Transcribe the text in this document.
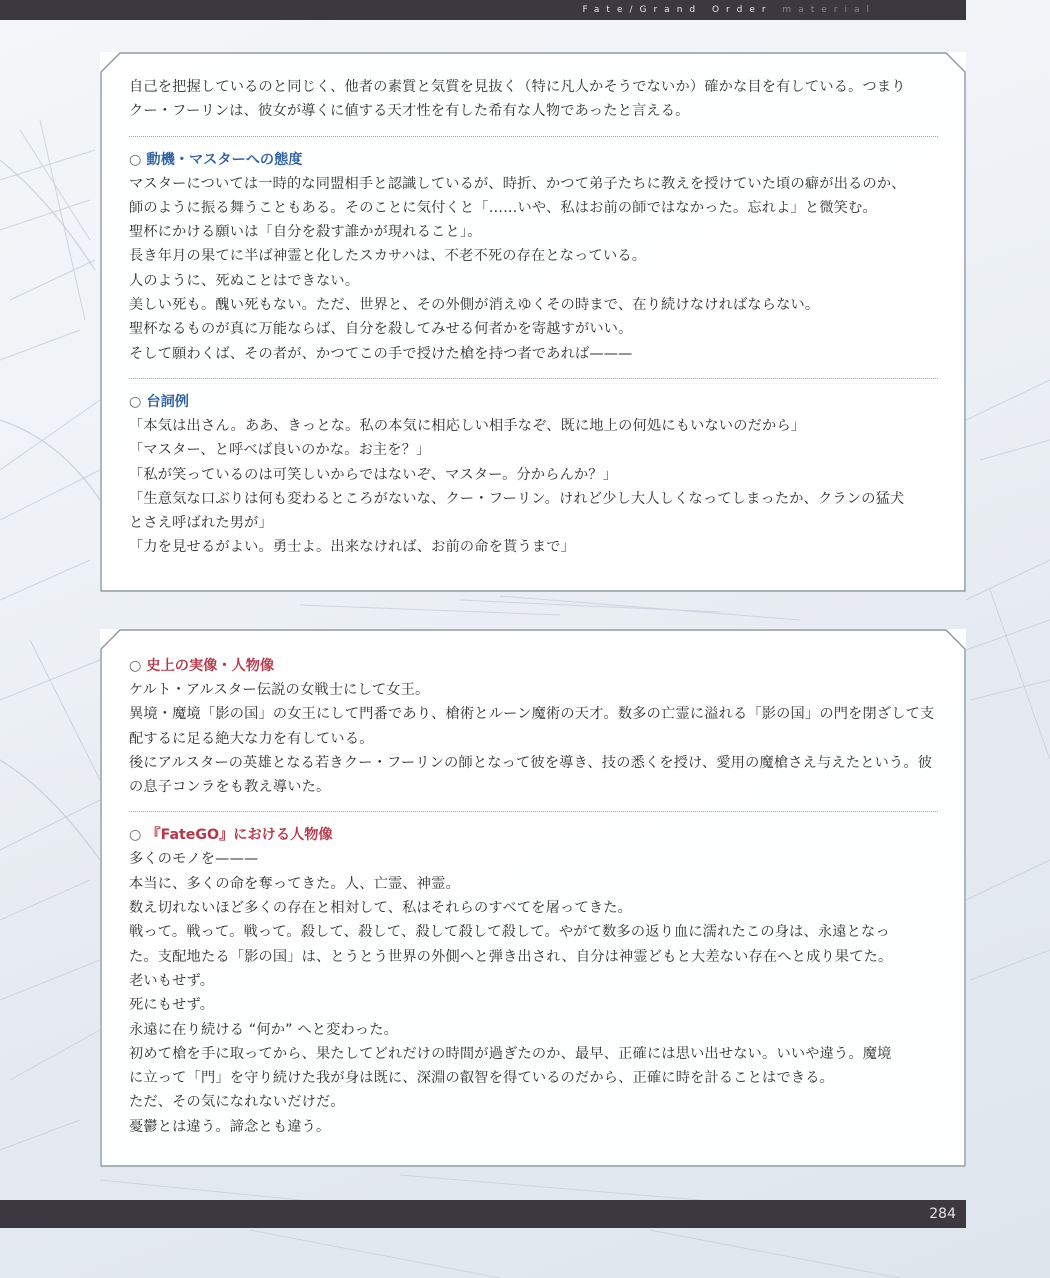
Fate/Grand Order material
自己を把握しているのと同じく、他者の素質と気質を見抜く（特に凡人かそうでないか）確かな目を有している。つまり
クー・フーリンは、彼女が導くに値する天才性を有した希有な人物であったと言える。
○ 動機・マスターへの態度
マスターについては一時的な同盟相手と認識しているが、時折、かつて弟子たちに教えを授けていた頃の癖が出るのか、
師のように振る舞うこともある。そのことに気付くと「……いや、私はお前の師ではなかった。忘れよ」と微笑む。
聖杯にかける願いは「自分を殺す誰かが現れること」。
長き年月の果てに半ば神霊と化したスカサハは、不老不死の存在となっている。
人のように、死ぬことはできない。
美しい死も。醜い死もない。ただ、世界と、その外側が消えゆくその時まで、在り続けなければならない。
聖杯なるものが真に万能ならば、自分を殺してみせる何者かを寄越すがいい。
そして願わくば、その者が、かつてこの手で授けた槍を持つ者であれば———
○ 台詞例
「本気は出さん。ああ、きっとな。私の本気に相応しい相手なぞ、既に地上の何処にもいないのだから」
「マスター、と呼べば良いのかな。お主を？」
「私が笑っているのは可笑しいからではないぞ、マスター。分からんか？」
「生意気な口ぶりは何も変わるところがないな、クー・フーリン。けれど少し大人しくなってしまったか、クランの猛犬
とさえ呼ばれた男が」
「力を見せるがよい。勇士よ。出来なければ、お前の命を貰うまで」
○ 史上の実像・人物像
ケルト・アルスター伝説の女戦士にして女王。
異境・魔境「影の国」の女王にして門番であり、槍術とルーン魔術の天才。数多の亡霊に溢れる「影の国」の門を閉ざして支
配するに足る絶大な力を有している。
後にアルスターの英雄となる若きクー・フーリンの師となって彼を導き、技の悉くを授け、愛用の魔槍さえ与えたという。彼
の息子コンラをも教え導いた。
○ 『FateGO』における人物像
多くのモノを———
本当に、多くの命を奪ってきた。人、亡霊、神霊。
数え切れないほど多くの存在と相対して、私はそれらのすべてを屠ってきた。
戦って。戦って。戦って。殺して、殺して、殺して殺して殺して。やがて数多の返り血に濡れたこの身は、永遠となっ
た。支配地たる「影の国」は、とうとう世界の外側へと弾き出され、自分は神霊どもと大差ない存在へと成り果てた。
老いもせず。
死にもせず。
永遠に在り続ける “何か” へと変わった。
初めて槍を手に取ってから、果たしてどれだけの時間が過ぎたのか、最早、正確には思い出せない。いいや違う。魔境
に立って「門」を守り続けた我が身は既に、深淵の叡智を得ているのだから、正確に時を計ることはできる。
ただ、その気になれないだけだ。
憂鬱とは違う。諦念とも違う。
284
